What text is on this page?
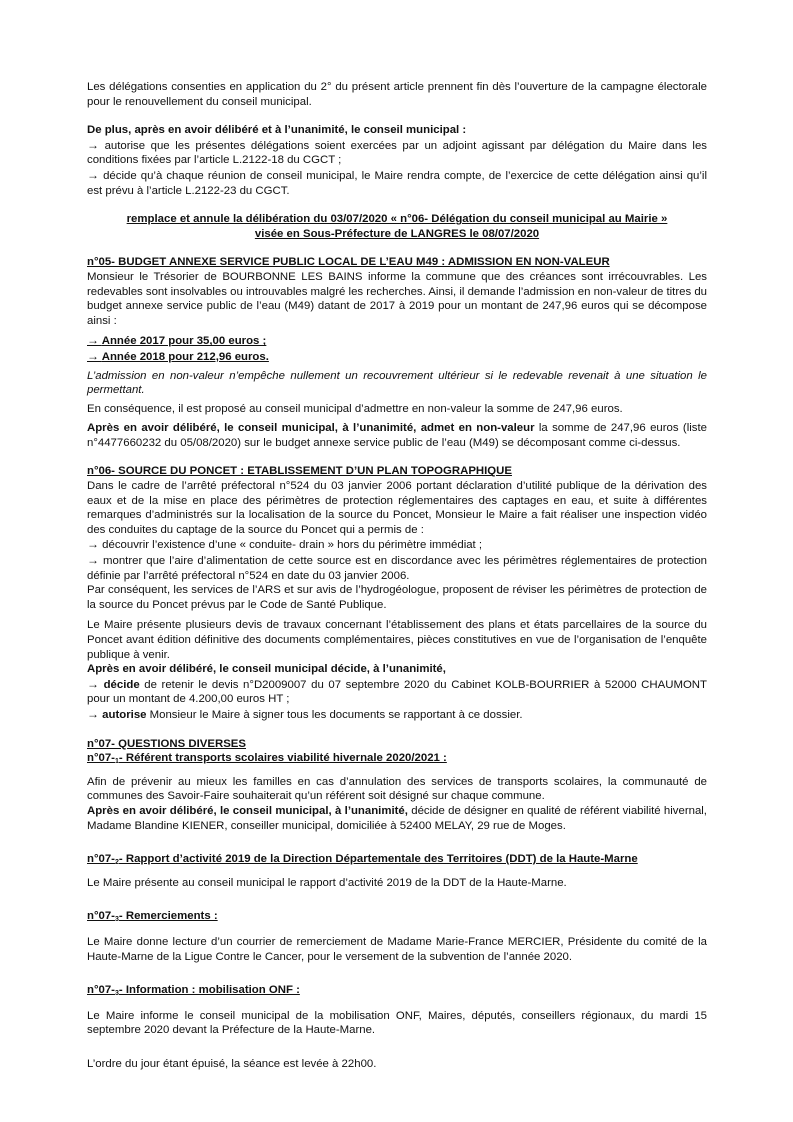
Les délégations consenties en application du 2° du présent article prennent fin dès l’ouverture de la campagne électorale pour le renouvellement du conseil municipal.

De plus, après en avoir délibéré et à l’unanimité, le conseil municipal :

→ autorise que les présentes délégations soient exercées par un adjoint agissant par délégation du Maire dans les conditions fixées par l’article L.2122-18 du CGCT ;

→ décide qu’à chaque réunion de conseil municipal, le Maire rendra compte, de l’exercice de cette délégation ainsi qu’il est prévu à l’article L.2122-23 du CGCT.

remplace et annule la délibération du 03/07/2020 « n°06- Délégation du conseil municipal au Mairie »

visée en Sous-Préfecture de LANGRES le 08/07/2020

n°05- BUDGET ANNEXE SERVICE PUBLIC LOCAL DE L’EAU M49 : ADMISSION EN NON-VALEUR

Monsieur le Trésorier de BOURBONNE LES BAINS informe la commune que des créances sont irrécouvrables. Les redevables sont insolvables ou introuvables malgré les recherches. Ainsi, il demande l’admission en non-valeur de titres du budget annexe service public de l’eau (M49) datant de 2017 à 2019 pour un montant de 247,96 euros qui se décompose ainsi :

→ Année 2017 pour 35,00 euros ;

→ Année 2018 pour 212,96 euros.

L’admission en non-valeur n’empêche nullement un recouvrement ultérieur si le redevable revenait à une situation le permettant.

En conséquence, il est proposé au conseil municipal d’admettre en non-valeur la somme de 247,96 euros.

Après en avoir délibéré, le conseil municipal, à l’unanimité, admet en non-valeur la somme de 247,96 euros (liste n°4477660232 du 05/08/2020) sur le budget annexe service public de l’eau (M49) se décomposant comme ci-dessus.

n°06- SOURCE DU PONCET : ETABLISSEMENT D’UN PLAN TOPOGRAPHIQUE

Dans le cadre de l’arrêté préfectoral n°524 du 03 janvier 2006 portant déclaration d’utilité publique de la dérivation des eaux et de la mise en place des périmètres de protection réglementaires des captages en eau, et suite à différentes remarques d’administrés sur la localisation de la source du Poncet, Monsieur le Maire a fait réaliser une inspection vidéo des conduites du captage de la source du Poncet qui a permis de :

→ découvrir l’existence d’une « conduite- drain » hors du périmètre immédiat ;

→ montrer que l’aire d’alimentation de cette source est en discordance avec les périmètres réglementaires de protection définie par l’arrêté préfectoral n°524 en date du 03 janvier 2006.

Par conséquent, les services de l’ARS et sur avis de l’hydrogéologue, proposent de réviser les périmètres de protection de la source du Poncet prévus par le Code de Santé Publique.

Le Maire présente plusieurs devis de travaux concernant l’établissement des plans et états parcellaires de la source du Poncet avant édition définitive des documents complémentaires, pièces constitutives en vue de l’organisation de l’enquête publique à venir.

Après en avoir délibéré, le conseil municipal décide, à l’unanimité,

→ décide de retenir le devis n°D2009007 du 07 septembre 2020 du Cabinet KOLB-BOURRIER à 52000 CHAUMONT pour un montant de 4.200,00 euros HT ;

→ autorise Monsieur le Maire à signer tous les documents se rapportant à ce dossier.

n°07- QUESTIONS DIVERSES

$n^\circ 07-_1-$ Référent transports scolaires viabilité hivernale 2020/2021 :

Afin de prévenir au mieux les familles en cas d’annulation des services de transports scolaires, la communauté de communes des Savoir-Faire souhaiterait qu’un référent soit désigné sur chaque commune.

Après en avoir délibéré, le conseil municipal, à l’unanimité, décide de désigner en qualité de référent viabilité hivernal, Madame Blandine KIENER, conseiller municipal, domiciliée à 52400 MELAY, 29 rue de Moges.

$n^\circ 07-_2-$ Rapport d’activité 2019 de la Direction Départementale des Territoires (DDT) de la Haute-Marne

Le Maire présente au conseil municipal le rapport d’activité 2019 de la DDT de la Haute-Marne.

$n^\circ 07-_3-$ Remerciements :

Le Maire donne lecture d’un courrier de remerciement de Madame Marie-France MERCIER, Présidente du comité de la Haute-Marne de la Ligue Contre le Cancer, pour le versement de la subvention de l’année 2020.

$n^\circ 07-_3-$ Information : mobilisation ONF :

Le Maire informe le conseil municipal de la mobilisation ONF, Maires, députés, conseillers régionaux, du mardi 15 septembre 2020 devant la Préfecture de la Haute-Marne.

L’ordre du jour étant épuisé, la séance est levée à 22h00.
